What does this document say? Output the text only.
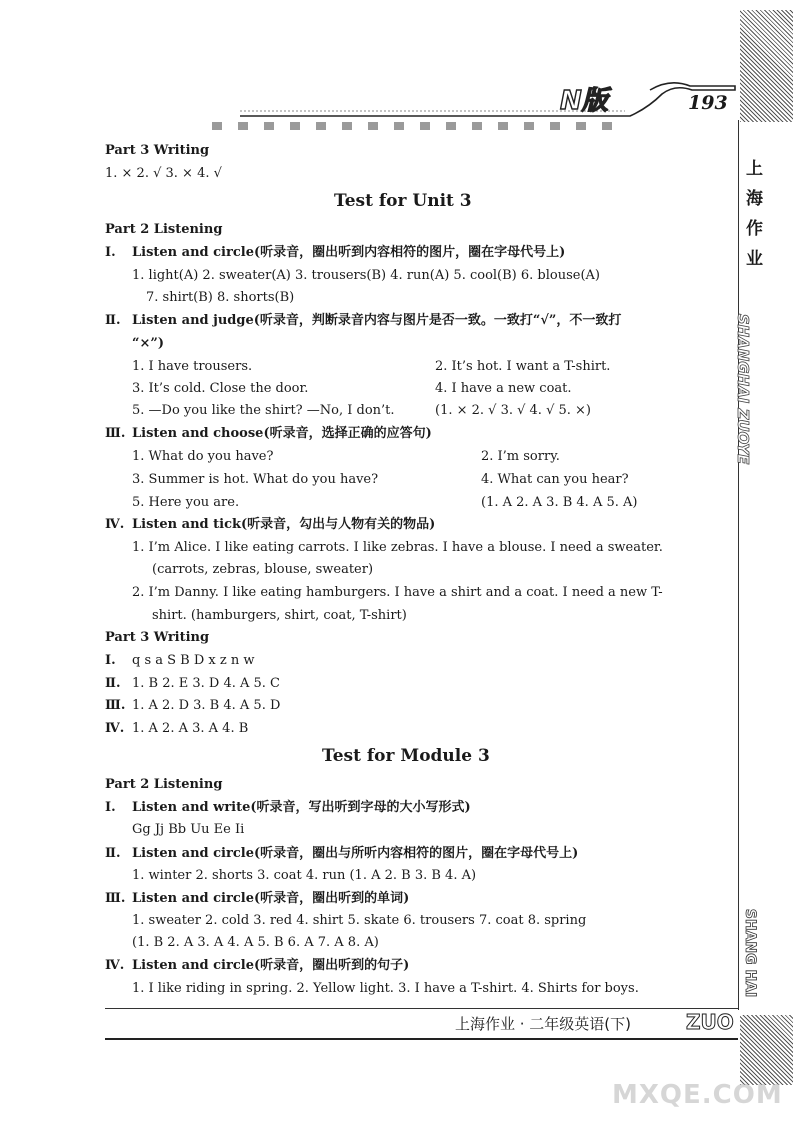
N版	193
上
海
作
业
SHANGHAI ZUOYE
SHANG HAI
Part 3 Writing
1. × 2. √ 3. × 4. √
Test for Unit 3
Part 2 Listening
Ⅰ. Listen and circle(听录音，圈出听到内容相符的图片，圈在字母代号上)
1. light(A) 2. sweater(A) 3. trousers(B) 4. run(A) 5. cool(B) 6. blouse(A)
7. shirt(B) 8. shorts(B)
Ⅱ. Listen and judge(听录音，判断录音内容与图片是否一致。一致打“√”，不一致打
“×”)
1. I have trousers.	2. It’s hot. I want a T-shirt.
3. It’s cold. Close the door.	4. I have a new coat.
5. —Do you like the shirt? —No, I don’t.	(1. × 2. √ 3. √ 4. √ 5. ×)
Ⅲ. Listen and choose(听录音，选择正确的应答句)
1. What do you have?	2. I’m sorry.
3. Summer is hot. What do you have?	4. What can you hear?
5. Here you are.	(1. A 2. A 3. B 4. A 5. A)
Ⅳ. Listen and tick(听录音，勾出与人物有关的物品)
1. I’m Alice. I like eating carrots. I like zebras. I have a blouse. I need a sweater.
(carrots, zebras, blouse, sweater)
2. I’m Danny. I like eating hamburgers. I have a shirt and a coat. I need a new T-
shirt. (hamburgers, shirt, coat, T-shirt)
Part 3 Writing
Ⅰ. q s a S B D x z n w
Ⅱ. 1. B 2. E 3. D 4. A 5. C
Ⅲ. 1. A 2. D 3. B 4. A 5. D
Ⅳ. 1. A 2. A 3. A 4. B
Test for Module 3
Part 2 Listening
Ⅰ. Listen and write(听录音，写出听到字母的大小写形式)
Gg Jj Bb Uu Ee Ii
Ⅱ. Listen and circle(听录音，圈出与所听内容相符的图片，圈在字母代号上)
1. winter 2. shorts 3. coat 4. run (1. A 2. B 3. B 4. A)
Ⅲ. Listen and circle(听录音，圈出听到的单词)
1. sweater 2. cold 3. red 4. shirt 5. skate 6. trousers 7. coat 8. spring
(1. B 2. A 3. A 4. A 5. B 6. A 7. A 8. A)
Ⅳ. Listen and circle(听录音，圈出听到的句子)
1. I like riding in spring. 2. Yellow light. 3. I have a T-shirt. 4. Shirts for boys.
上海作业 · 二年级英语(下)	ZUO
MXQE.COM
